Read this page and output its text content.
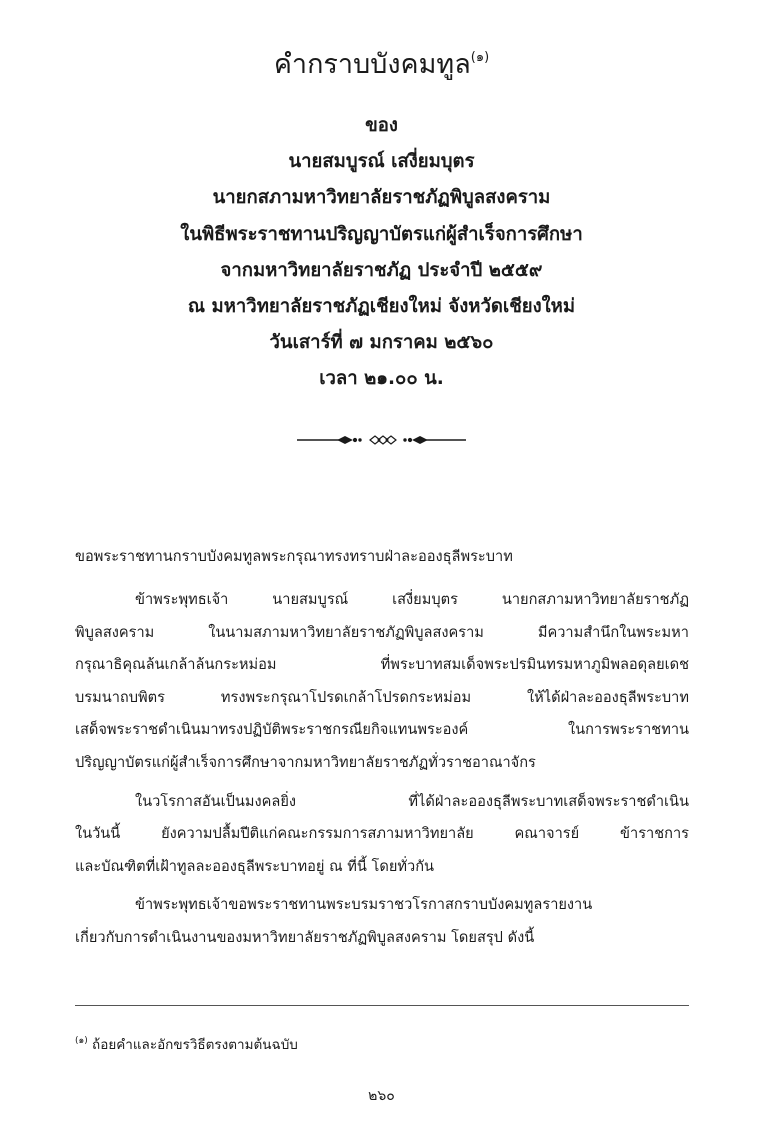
คำกราบบังคมทูล$^{(๑)}$
ของ
นายสมบูรณ์ เสงี่ยมบุตร
นายกสภามหาวิทยาลัยราชภัฏพิบูลสงคราม
ในพิธีพระราชทานปริญญาบัตรแก่ผู้สำเร็จการศึกษา
จากมหาวิทยาลัยราชภัฏ ประจำปี ๒๕๕๙
ณ มหาวิทยาลัยราชภัฏเชียงใหม่ จังหวัดเชียงใหม่
วันเสาร์ที่ ๗ มกราคม ๒๕๖๐
เวลา ๒๑.๐๐ น.

ขอพระราชทานกราบบังคมทูลพระกรุณาทรงทราบฝ่าละอองธุลีพระบาท

ข้าพระพุทธเจ้า นายสมบูรณ์ เสงี่ยมบุตร นายกสภามหาวิทยาลัยราชภัฏ
พิบูลสงคราม ในนามสภามหาวิทยาลัยราชภัฏพิบูลสงคราม มีความสำนึกในพระมหา
กรุณาธิคุณล้นเกล้าล้นกระหม่อม ที่พระบาทสมเด็จพระปรมินทรมหาภูมิพลอดุลยเดช
บรมนาถบพิตร ทรงพระกรุณาโปรดเกล้าโปรดกระหม่อม ให้ได้ฝ่าละอองธุลีพระบาท
เสด็จพระราชดำเนินมาทรงปฏิบัติพระราชกรณียกิจแทนพระองค์ ในการพระราชทาน
ปริญญาบัตรแก่ผู้สำเร็จการศึกษาจากมหาวิทยาลัยราชภัฏทั่วราชอาณาจักร

ในวโรกาสอันเป็นมงคลยิ่ง ที่ได้ฝ่าละอองธุลีพระบาทเสด็จพระราชดำเนิน
ในวันนี้ ยังความปลื้มปีติแก่คณะกรรมการสภามหาวิทยาลัย คณาจารย์ ข้าราชการ
และบัณฑิตที่เฝ้าทูลละอองธุลีพระบาทอยู่ ณ ที่นี้ โดยทั่วกัน

ข้าพระพุทธเจ้าขอพระราชทานพระบรมราชวโรกาสกราบบังคมทูลรายงาน
เกี่ยวกับการดำเนินงานของมหาวิทยาลัยราชภัฏพิบูลสงคราม โดยสรุป ดังนี้

$^{(๑)}$ ถ้อยคำและอักขรวิธีตรงตามต้นฉบับ
๒๖๐
